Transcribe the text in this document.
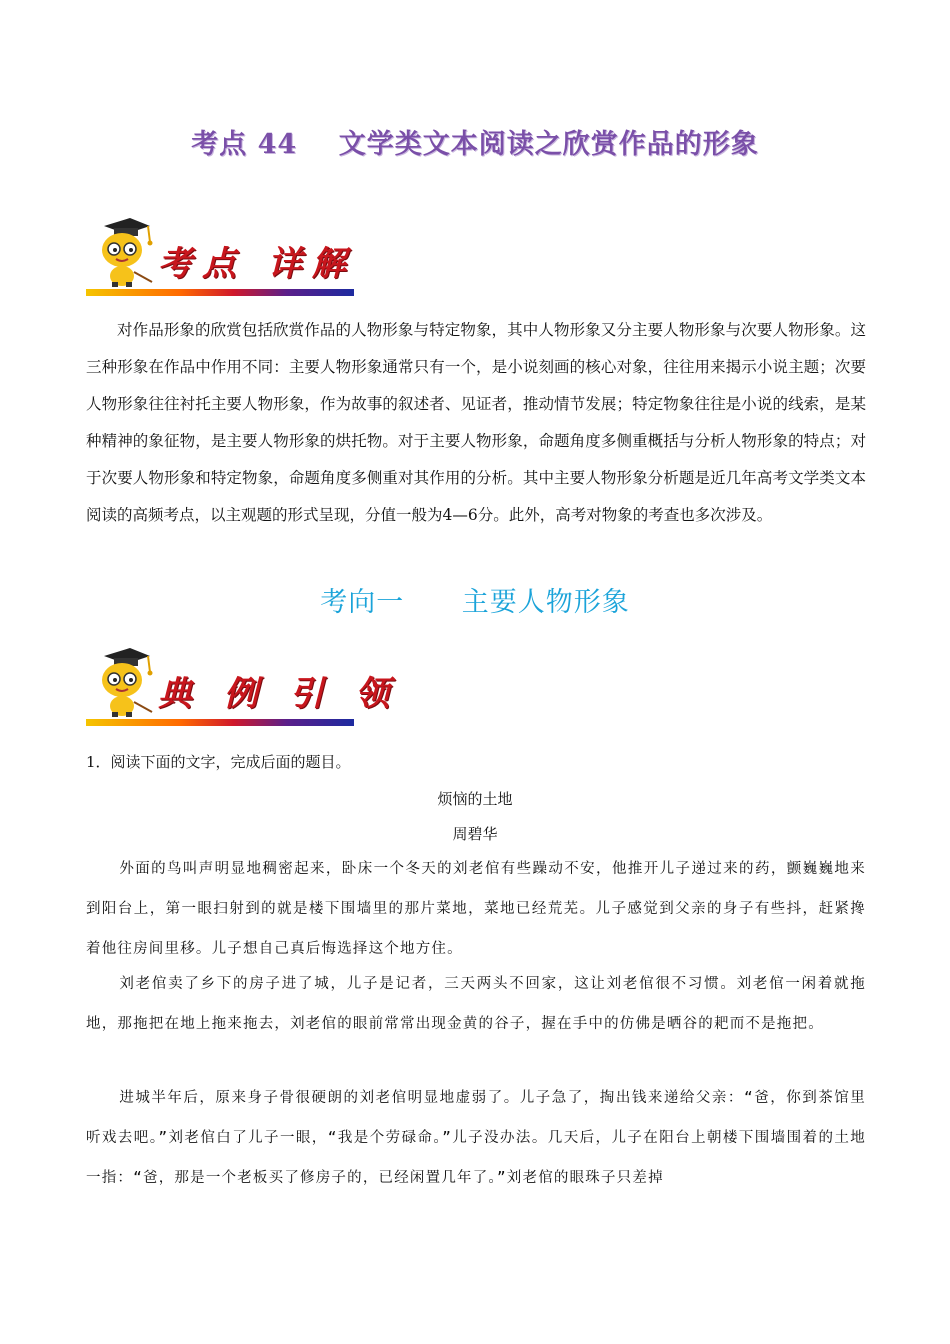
考点 44    文学类文本阅读之欣赏作品的形象
考点 详解

对作品形象的欣赏包括欣赏作品的人物形象与特定物象，其中人物形象又分主要人物形象与次要人物形象。这三种形象在作品中作用不同：主要人物形象通常只有一个，是小说刻画的核心对象，往往用来揭示小说主题；次要人物形象往往衬托主要人物形象，作为故事的叙述者、见证者，推动情节发展；特定物象往往是小说的线索，是某种精神的象征物，是主要人物形象的烘托物。对于主要人物形象，命题角度多侧重概括与分析人物形象的特点；对于次要人物形象和特定物象，命题角度多侧重对其作用的分析。其中主要人物形象分析题是近几年高考文学类文本阅读的高频考点，以主观题的形式呈现，分值一般为4—6分。此外，高考对物象的考查也多次涉及。

考向一      主要人物形象
典 例 引 领
1．阅读下面的文字，完成后面的题目。
烦恼的土地
周碧华

外面的鸟叫声明显地稠密起来，卧床一个冬天的刘老倌有些躁动不安，他推开儿子递过来的药，颤巍巍地来到阳台上，第一眼扫射到的就是楼下围墙里的那片菜地，菜地已经荒芜。儿子感觉到父亲的身子有些抖，赶紧搀着他往房间里移。儿子想自己真后悔选择这个地方住。

刘老倌卖了乡下的房子进了城，儿子是记者，三天两头不回家，这让刘老倌很不习惯。刘老倌一闲着就拖地，那拖把在地上拖来拖去，刘老倌的眼前常常出现金黄的谷子，握在手中的仿佛是晒谷的耙而不是拖把。

进城半年后，原来身子骨很硬朗的刘老倌明显地虚弱了。儿子急了，掏出钱来递给父亲：“爸，你到茶馆里听戏去吧。”刘老倌白了儿子一眼，“我是个劳碌命。”儿子没办法。几天后，儿子在阳台上朝楼下围墙围着的土地一指：“爸，那是一个老板买了修房子的，已经闲置几年了。”刘老倌的眼珠子只差掉
